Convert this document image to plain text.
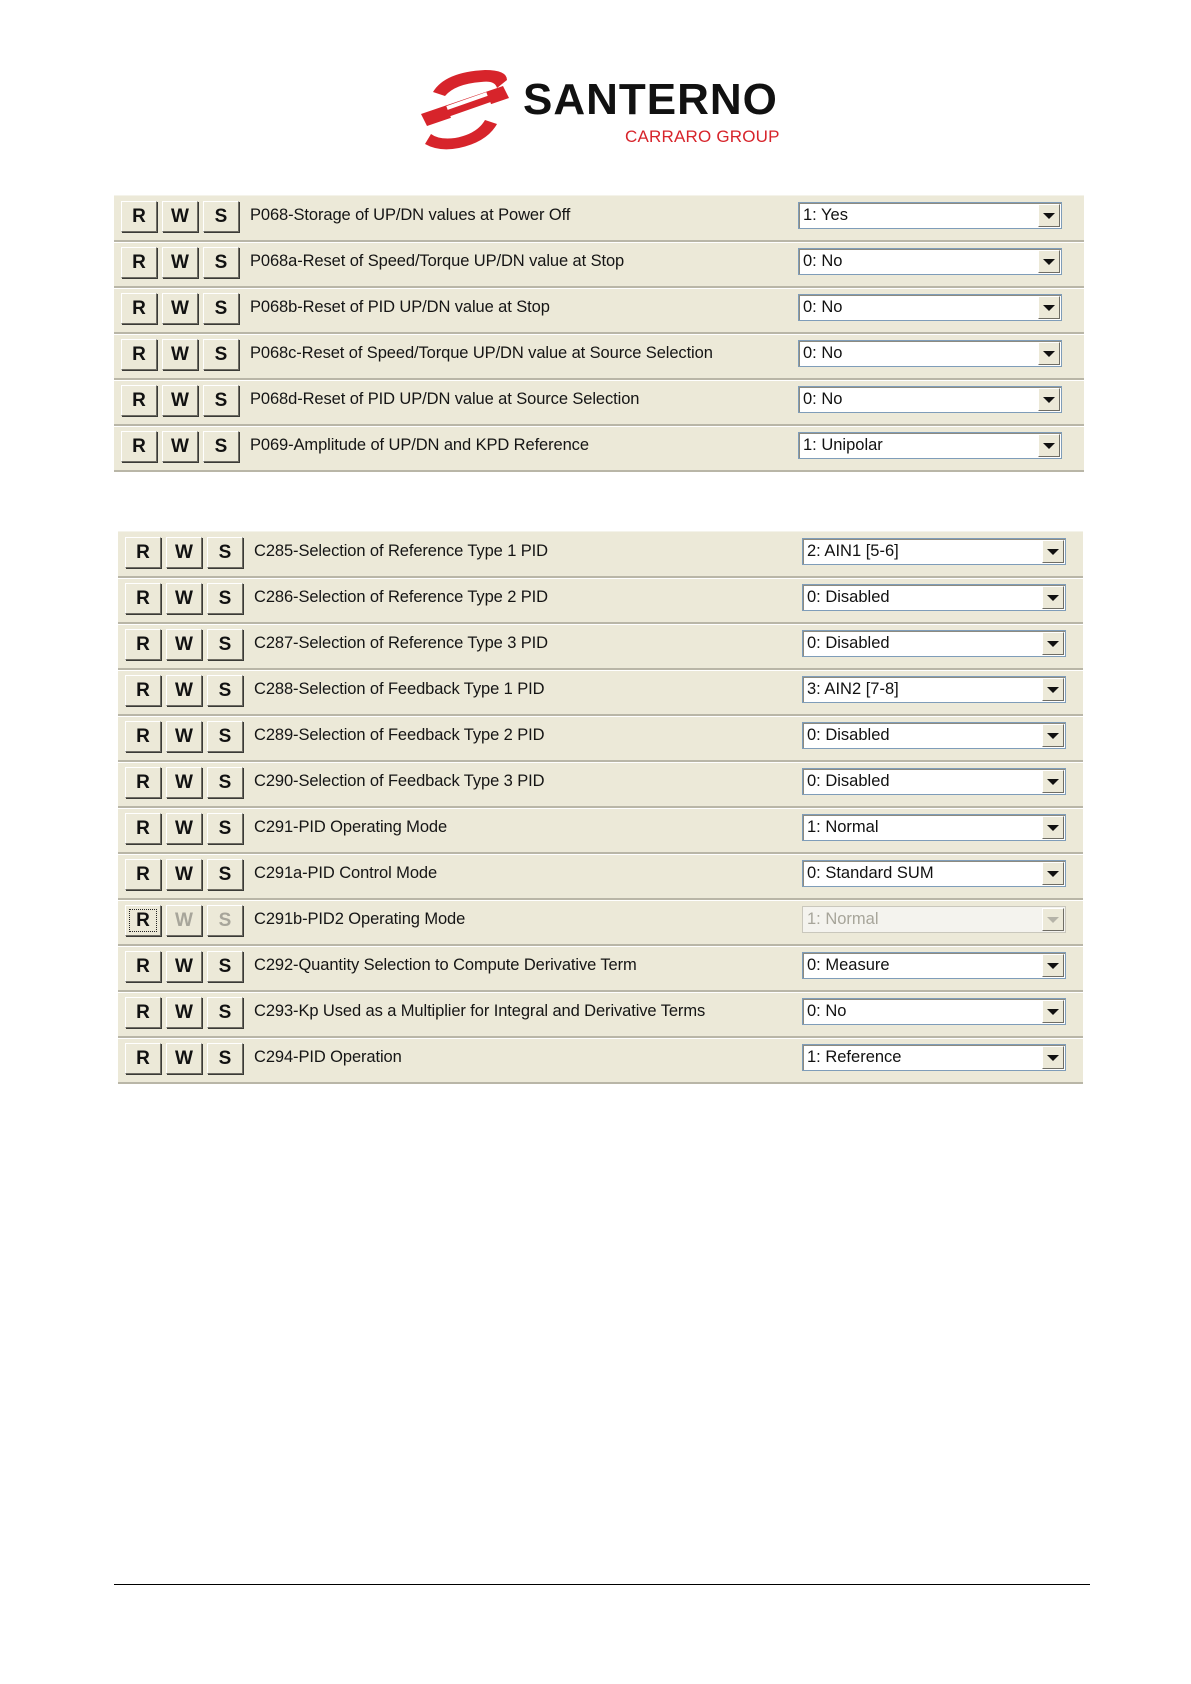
SANTERNO
CARRARO GROUP
R	W	S	P068-Storage of UP/DN values at Power Off	1: Yes
R	W	S	P068a-Reset of Speed/Torque UP/DN value at Stop	0: No
R	W	S	P068b-Reset of PID UP/DN value at Stop	0: No
R	W	S	P068c-Reset of Speed/Torque UP/DN value at Source Selection	0: No
R	W	S	P068d-Reset of PID UP/DN value at Source Selection	0: No
R	W	S	P069-Amplitude of UP/DN and KPD Reference	1: Unipolar
R	W	S	C285-Selection of Reference Type 1 PID	2: AIN1 [5-6]
R	W	S	C286-Selection of Reference Type 2 PID	0: Disabled
R	W	S	C287-Selection of Reference Type 3 PID	0: Disabled
R	W	S	C288-Selection of Feedback Type 1 PID	3: AIN2 [7-8]
R	W	S	C289-Selection of Feedback Type 2 PID	0: Disabled
R	W	S	C290-Selection of Feedback Type 3 PID	0: Disabled
R	W	S	C291-PID Operating Mode	1: Normal
R	W	S	C291a-PID Control Mode	0: Standard SUM
R	W	S	C291b-PID2 Operating Mode	1: Normal
R	W	S	C292-Quantity Selection to Compute Derivative Term	0: Measure
R	W	S	C293-Kp Used as a Multiplier for Integral and Derivative Terms	0: No
R	W	S	C294-PID Operation	1: Reference
